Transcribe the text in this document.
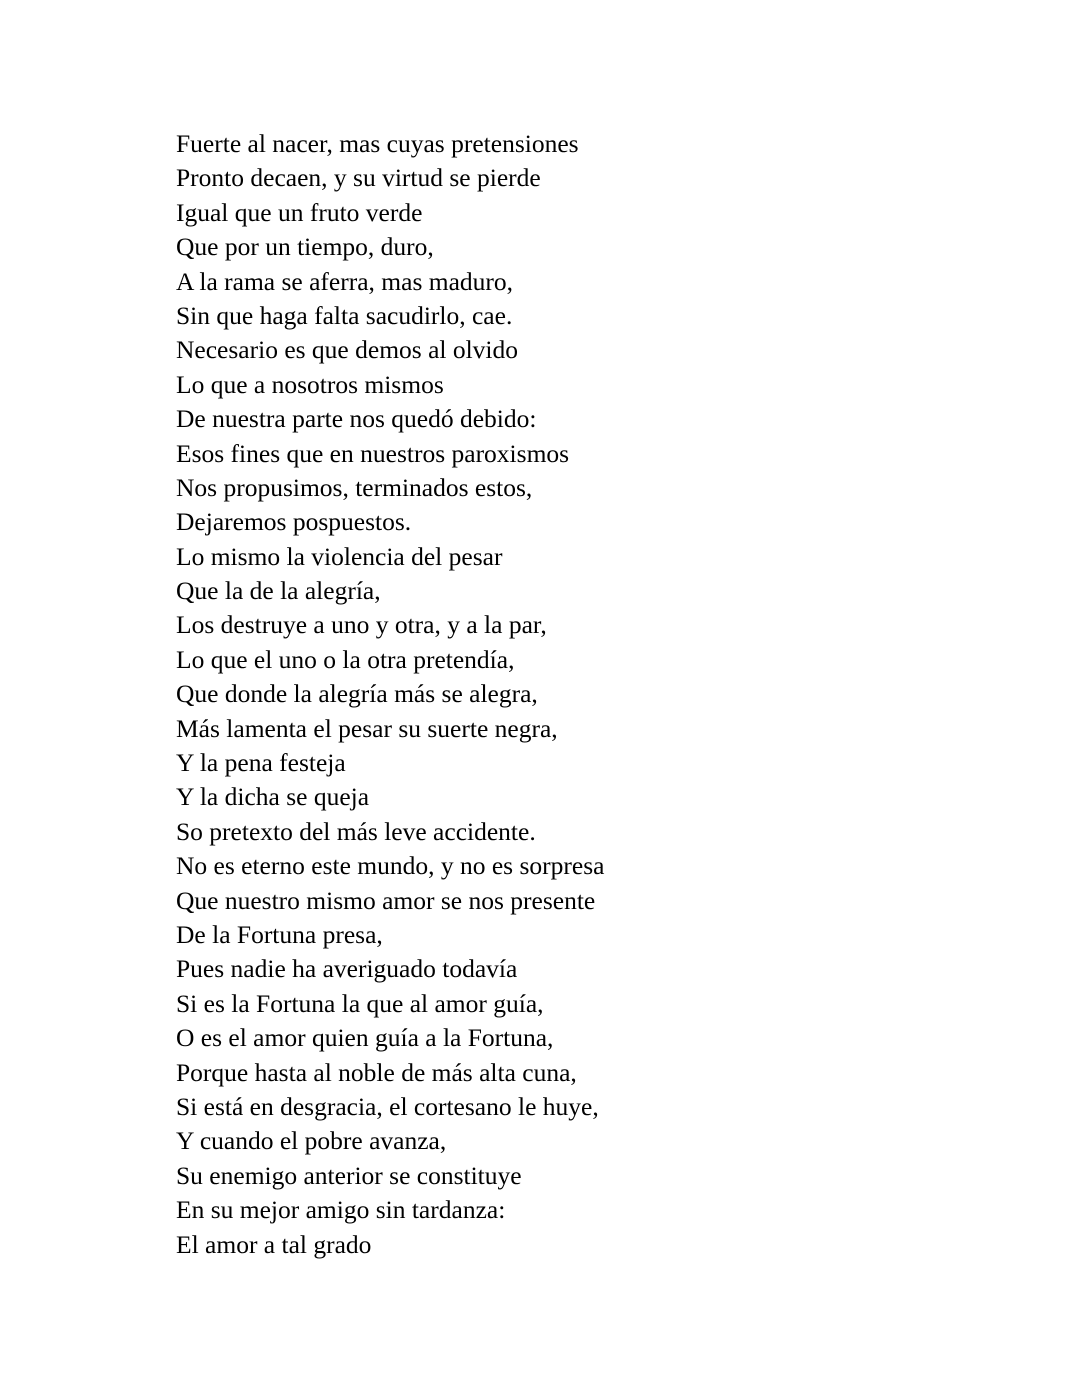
Fuerte al nacer, mas cuyas pretensiones
Pronto decaen, y su virtud se pierde
Igual que un fruto verde
Que por un tiempo, duro,
A la rama se aferra, mas maduro,
Sin que haga falta sacudirlo, cae.
Necesario es que demos al olvido
Lo que a nosotros mismos
De nuestra parte nos quedó debido:
Esos fines que en nuestros paroxismos
Nos propusimos, terminados estos,
Dejaremos pospuestos.
Lo mismo la violencia del pesar
Que la de la alegría,
Los destruye a uno y otra, y a la par,
Lo que el uno o la otra pretendía,
Que donde la alegría más se alegra,
Más lamenta el pesar su suerte negra,
Y la pena festeja
Y la dicha se queja
So pretexto del más leve accidente.
No es eterno este mundo, y no es sorpresa
Que nuestro mismo amor se nos presente
De la Fortuna presa,
Pues nadie ha averiguado todavía
Si es la Fortuna la que al amor guía,
O es el amor quien guía a la Fortuna,
Porque hasta al noble de más alta cuna,
Si está en desgracia, el cortesano le huye,
Y cuando el pobre avanza,
Su enemigo anterior se constituye
En su mejor amigo sin tardanza:
El amor a tal grado
